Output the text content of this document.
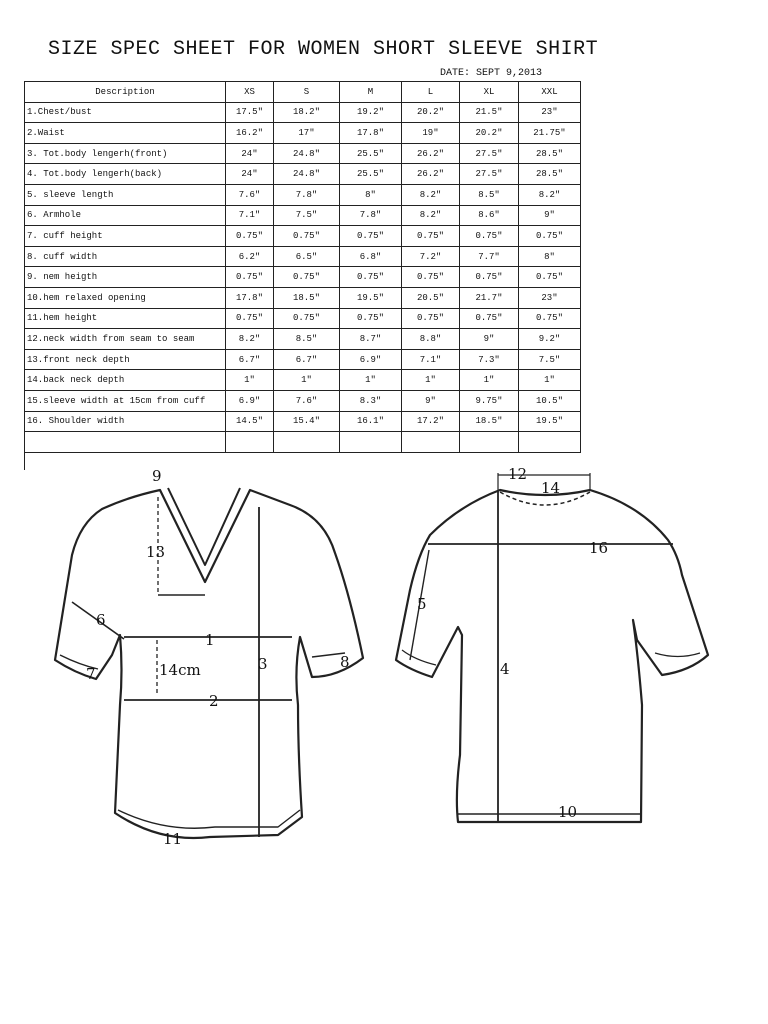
SIZE SPEC SHEET FOR WOMEN SHORT SLEEVE SHIRT
DATE: SEPT 9,2013
Description	XS	S	M	L	XL	XXL
1.Chest/bust	17.5″	18.2″	19.2″	20.2″	21.5″	23″
2.Waist	16.2″	17″	17.8″	19″	20.2″	21.75″
3. Tot.body lengerh(front)	24″	24.8″	25.5″	26.2″	27.5″	28.5″
4. Tot.body lengerh(back)	24″	24.8″	25.5″	26.2″	27.5″	28.5″
5. sleeve length	7.6″	7.8″	8″	8.2″	8.5″	8.2″
6. Armhole	7.1″	7.5″	7.8″	8.2″	8.6″	9″
7. cuff height	0.75″	0.75″	0.75″	0.75″	0.75″	0.75″
8. cuff width	6.2″	6.5″	6.8″	7.2″	7.7″	8″
9. nem heigth	0.75″	0.75″	0.75″	0.75″	0.75″	0.75″
10.hem relaxed opening	17.8″	18.5″	19.5″	20.5″	21.7″	23″
11.hem height	0.75″	0.75″	0.75″	0.75″	0.75″	0.75″
12.neck width from seam to seam	8.2″	8.5″	8.7″	8.8″	9″	9.2″
13.front neck depth	6.7″	6.7″	6.9″	7.1″	7.3″	7.5″
14.back neck depth	1″	1″	1″	1″	1″	1″
15.sleeve width at 15cm from cuff	6.9″	7.6″	8.3″	9″	9.75″	10.5″
16. Shoulder width	14.5″	15.4″	16.1″	17.2″	18.5″	19.5″

9
13
6
1
14cm	3
7
8
2
11
12
14
16
5
4
10
